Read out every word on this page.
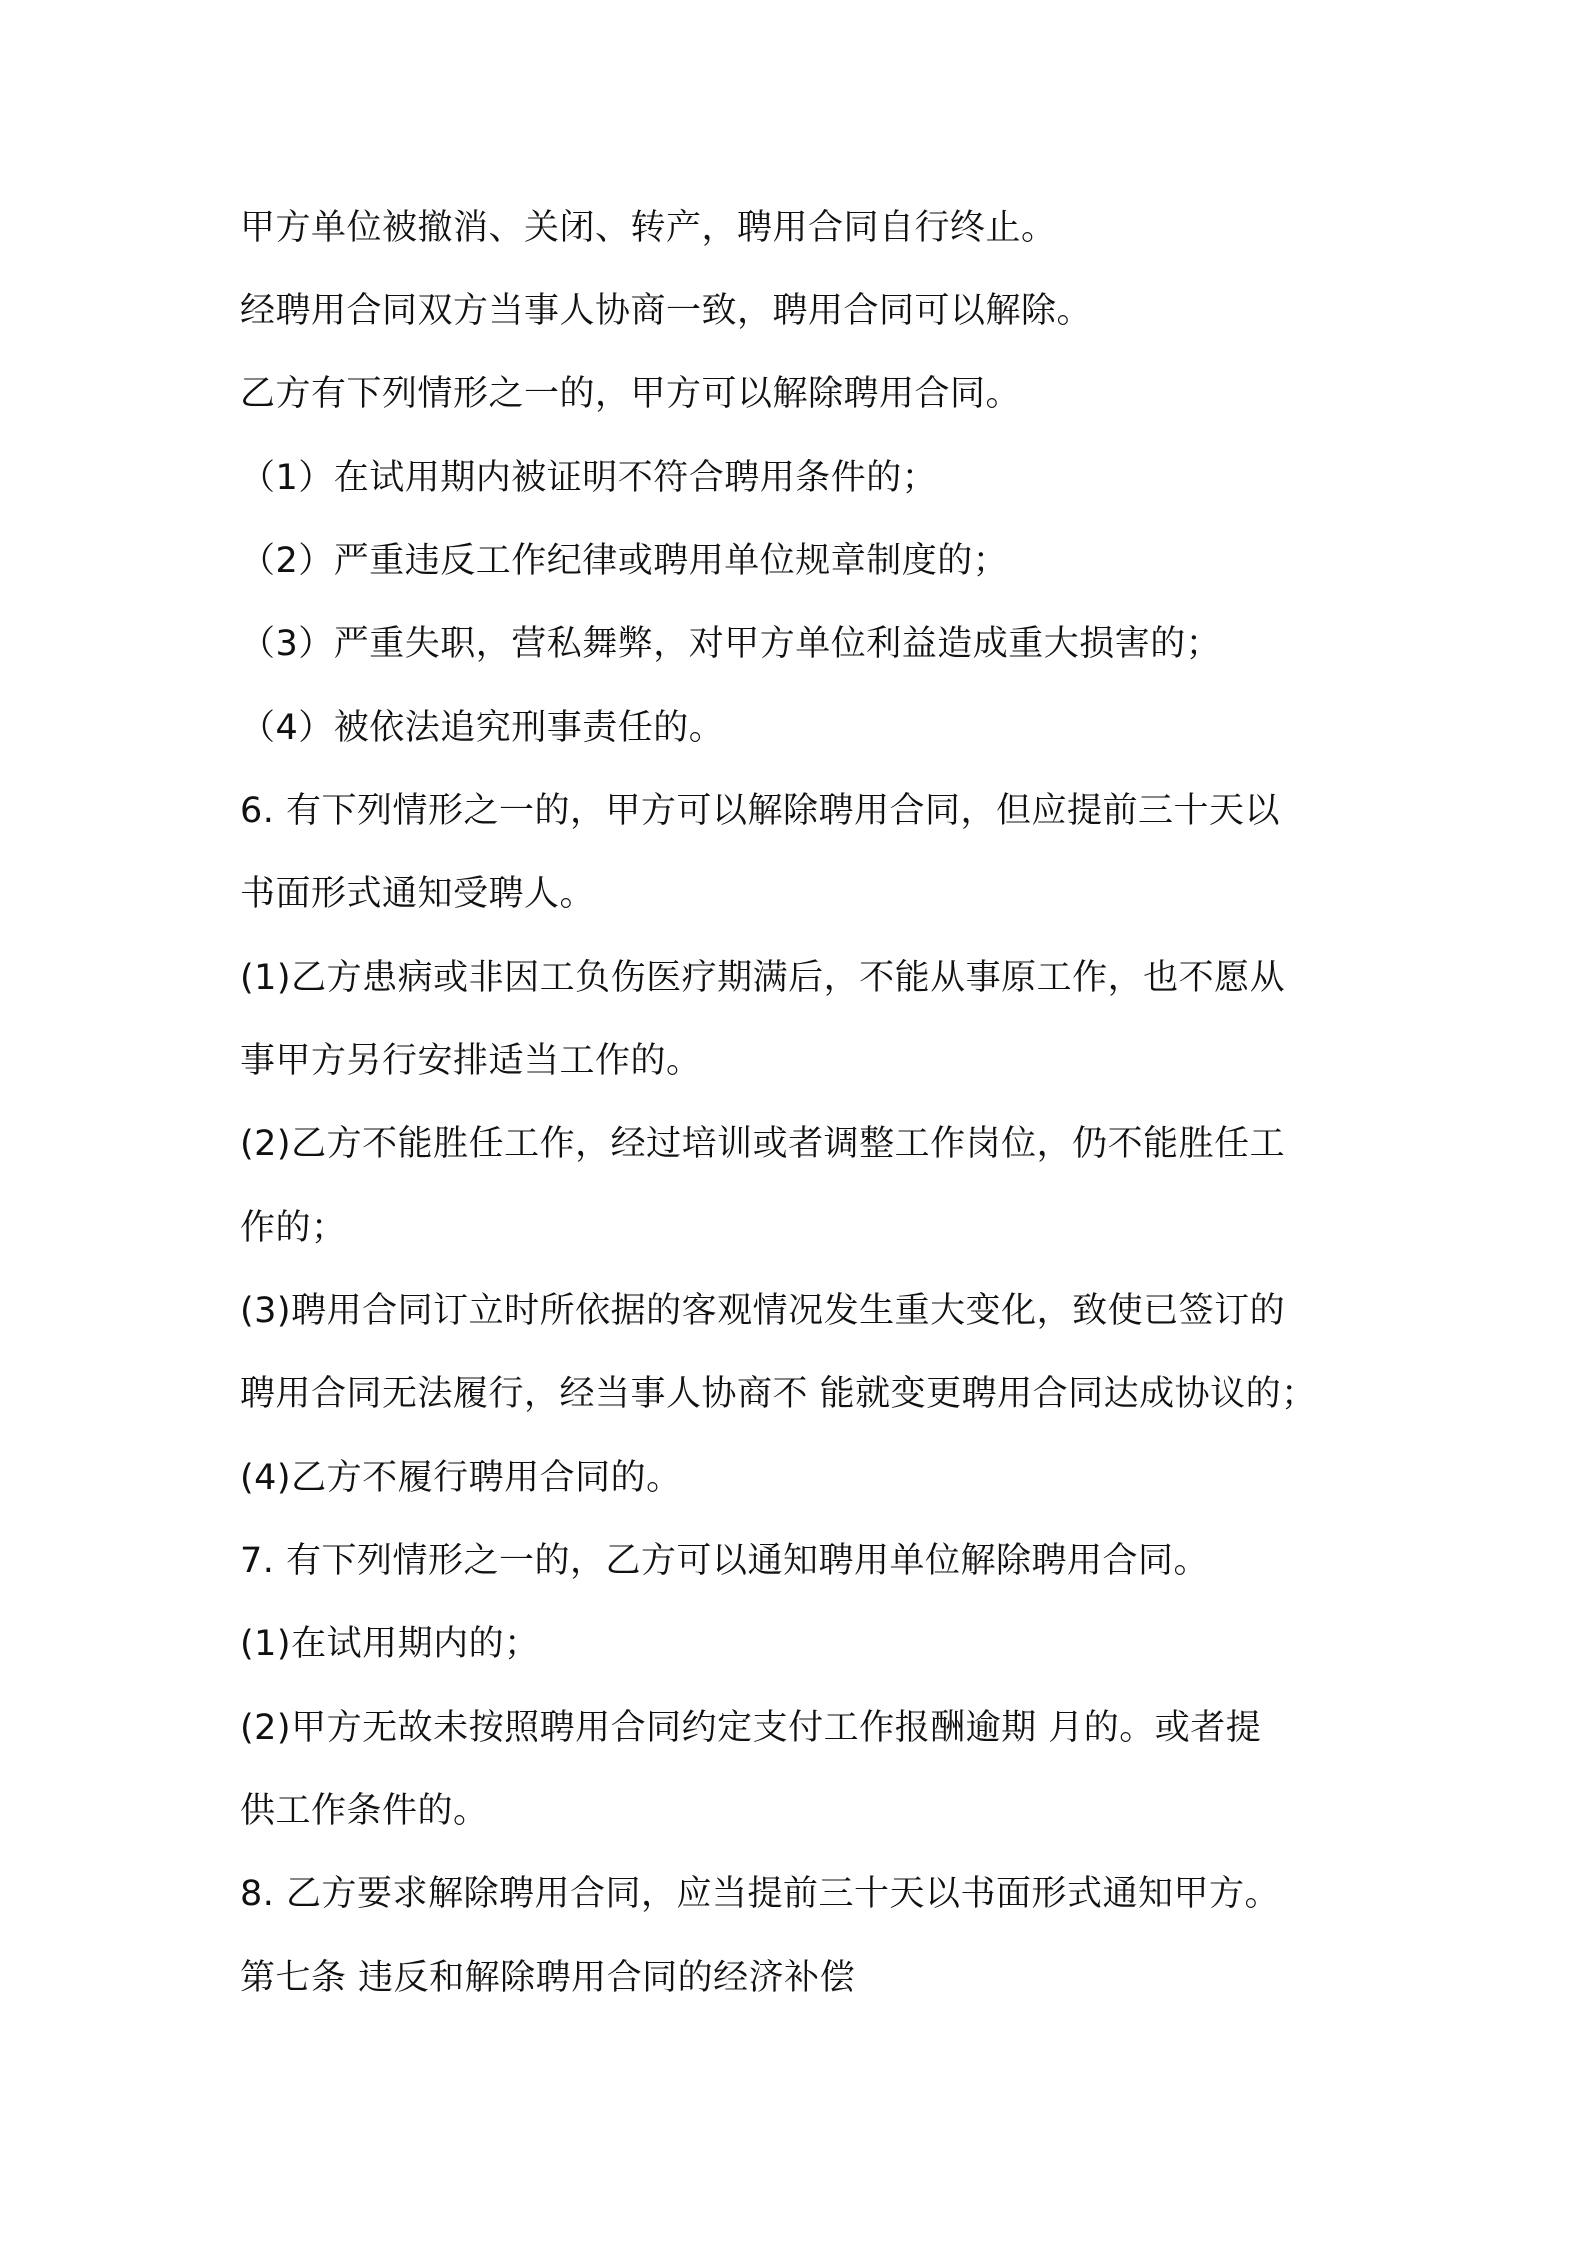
甲方单位被撤消、关闭、转产，聘用合同自行终止。
经聘用合同双方当事人协商一致，聘用合同可以解除。
乙方有下列情形之一的，甲方可以解除聘用合同。
（1）在试用期内被证明不符合聘用条件的；
（2）严重违反工作纪律或聘用单位规章制度的；
（3）严重失职，营私舞弊，对甲方单位利益造成重大损害的；
（4）被依法追究刑事责任的。
6. 有下列情形之一的，甲方可以解除聘用合同，但应提前三十天以
书面形式通知受聘人。
(1)乙方患病或非因工负伤医疗期满后，不能从事原工作，也不愿从
事甲方另行安排适当工作的。
(2)乙方不能胜任工作，经过培训或者调整工作岗位，仍不能胜任工
作的；
(3)聘用合同订立时所依据的客观情况发生重大变化，致使已签订的
聘用合同无法履行，经当事人协商不 能就变更聘用合同达成协议的；
(4)乙方不履行聘用合同的。
7. 有下列情形之一的，乙方可以通知聘用单位解除聘用合同。
(1)在试用期内的；
(2)甲方无故未按照聘用合同约定支付工作报酬逾期 月的。或者提
供工作条件的。
8. 乙方要求解除聘用合同，应当提前三十天以书面形式通知甲方。
第七条 违反和解除聘用合同的经济补偿
